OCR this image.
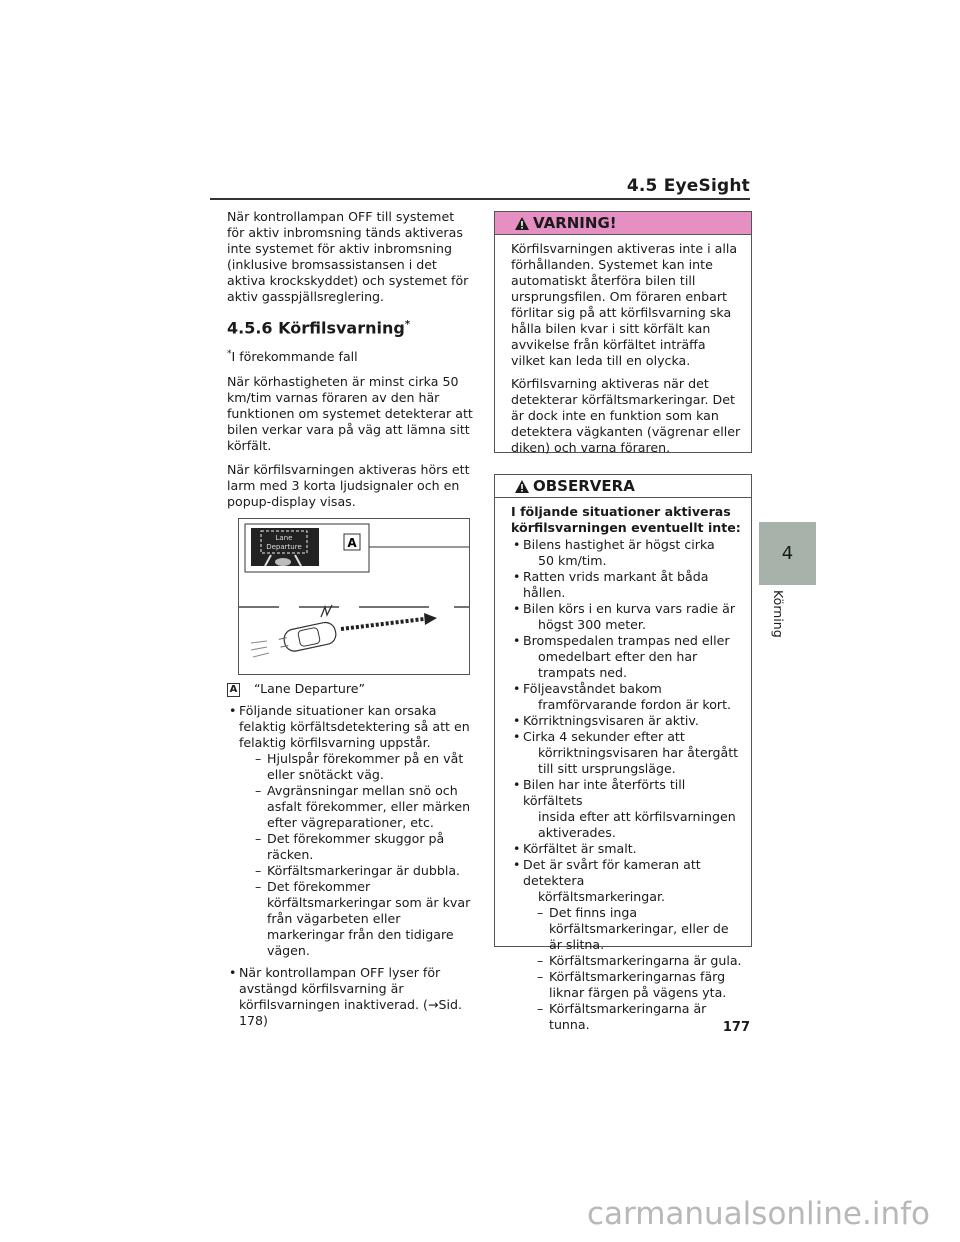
4.5 EyeSight

När kontrollampan OFF till systemet för aktiv inbromsning tänds aktiveras inte systemet för aktiv inbromsning (inklusive bromsassistansen i det aktiva krockskyddet) och systemet för aktiv gasspjällsreglering.

4.5.6 Körfilsvarning*

*I förekommande fall

När körhastigheten är minst cirka 50 km/tim varnas föraren av den här funktionen om systemet detekterar att bilen verkar vara på väg att lämna sitt körfält.

När körfilsvarningen aktiveras hörs ett larm med 3 korta ljudsignaler och en popup-display visas.

Lane
Departure	A
A “Lane Departure”
• Följande situationer kan orsaka felaktig körfältsdetektering så att en felaktig körfilsvarning uppstår.
– Hjulspår förekommer på en våt eller snötäckt väg.
– Avgränsningar mellan snö och asfalt förekommer, eller märken efter vägreparationer, etc.
– Det förekommer skuggor på räcken.
– Körfältsmarkeringar är dubbla.
– Det förekommer körfältsmarkeringar som är kvar från vägarbeten eller markeringar från den tidigare vägen.
• När kontrollampan OFF lyser för avstängd körfilsvarning är körfilsvarningen inaktiverad. (→Sid. 178)
VARNING!

Körfilsvarningen aktiveras inte i alla förhållanden. Systemet kan inte automatiskt återföra bilen till ursprungsfilen. Om föraren enbart förlitar sig på att körfilsvarning ska hålla bilen kvar i sitt körfält kan avvikelse från körfältet inträffa vilket kan leda till en olycka.

Körfilsvarning aktiveras när det detekterar körfältsmarkeringar. Det är dock inte en funktion som kan detektera vägkanten (vägrenar eller diken) och varna föraren.

OBSERVERA

I följande situationer aktiveras körfilsvarningen eventuellt inte:

• Bilens hastighet är högst cirka
50 km/tim.
• Ratten vrids markant åt båda hållen.
• Bilen körs i en kurva vars radie är
högst 300 meter.
• Bromspedalen trampas ned eller
omedelbart efter den har trampats ned.
• Följeavståndet bakom
framförvarande fordon är kort.
• Körriktningsvisaren är aktiv.
• Cirka 4 sekunder efter att
körriktningsvisaren har återgått till sitt ursprungsläge.
• Bilen har inte återförts till körfältets
insida efter att körfilsvarningen aktiverades.
• Körfältet är smalt.
• Det är svårt för kameran att detektera
körfältsmarkeringar.
– Det finns inga körfältsmarkeringar, eller de är slitna.
– Körfältsmarkeringarna är gula.
– Körfältsmarkeringarnas färg liknar färgen på vägens yta.
– Körfältsmarkeringarna är tunna.
4
Körning
177
carmanualsonline.info
